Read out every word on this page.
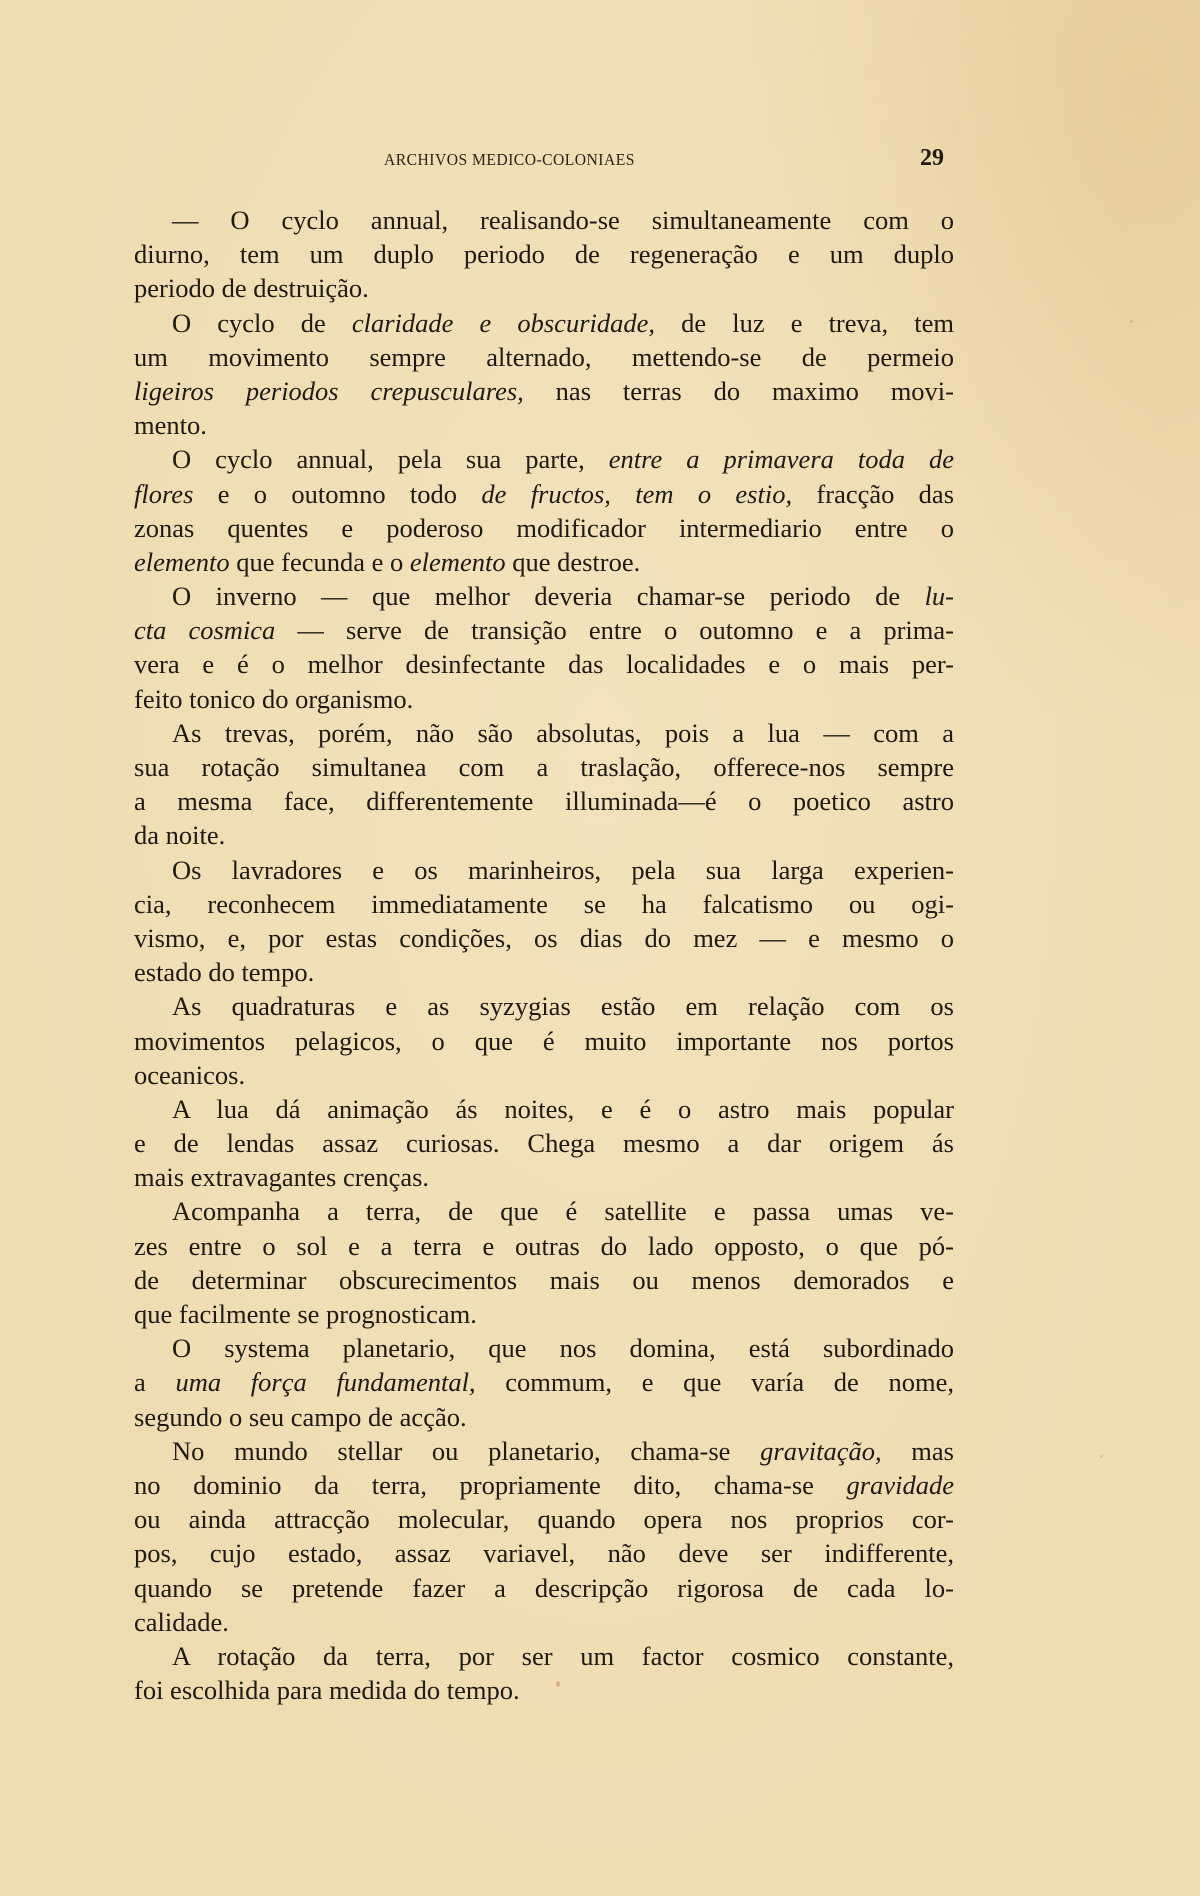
ARCHIVOS MEDICO-COLONIAES	29
— O cyclo annual, realisando-se simultaneamente com o
diurno, tem um duplo periodo de regeneração e um duplo
periodo de destruição.
O cyclo de claridade e obscuridade, de luz e treva, tem
um movimento sempre alternado, mettendo-se de permeio
ligeiros periodos crepusculares, nas terras do maximo movi-
mento.
O cyclo annual, pela sua parte, entre a primavera toda de
flores e o outomno todo de fructos, tem o estio, fracção das
zonas quentes e poderoso modificador intermediario entre o
elemento que fecunda e o elemento que destroe.
O inverno — que melhor deveria chamar-se periodo de lu-
cta cosmica — serve de transição entre o outomno e a prima-
vera e é o melhor desinfectante das localidades e o mais per-
feito tonico do organismo.
As trevas, porém, não são absolutas, pois a lua — com a
sua rotação simultanea com a traslação, offerece-nos sempre
a mesma face, differentemente illuminada—é o poetico astro
da noite.
Os lavradores e os marinheiros, pela sua larga experien-
cia, reconhecem immediatamente se ha falcatismo ou ogi-
vismo, e, por estas condições, os dias do mez — e mesmo o
estado do tempo.
As quadraturas e as syzygias estão em relação com os
movimentos pelagicos, o que é muito importante nos portos
oceanicos.
A lua dá animação ás noites, e é o astro mais popular
e de lendas assaz curiosas. Chega mesmo a dar origem ás
mais extravagantes crenças.
Acompanha a terra, de que é satellite e passa umas ve-
zes entre o sol e a terra e outras do lado opposto, o que pó-
de determinar obscurecimentos mais ou menos demorados e
que facilmente se prognosticam.
O systema planetario, que nos domina, está subordinado
a uma força fundamental, commum, e que varía de nome,
segundo o seu campo de acção.
No mundo stellar ou planetario, chama-se gravitação, mas
no dominio da terra, propriamente dito, chama-se gravidade
ou ainda attracção molecular, quando opera nos proprios cor-
pos, cujo estado, assaz variavel, não deve ser indifferente,
quando se pretende fazer a descripção rigorosa de cada lo-
calidade.
A rotação da terra, por ser um factor cosmico constante,
foi escolhida para medida do tempo.
